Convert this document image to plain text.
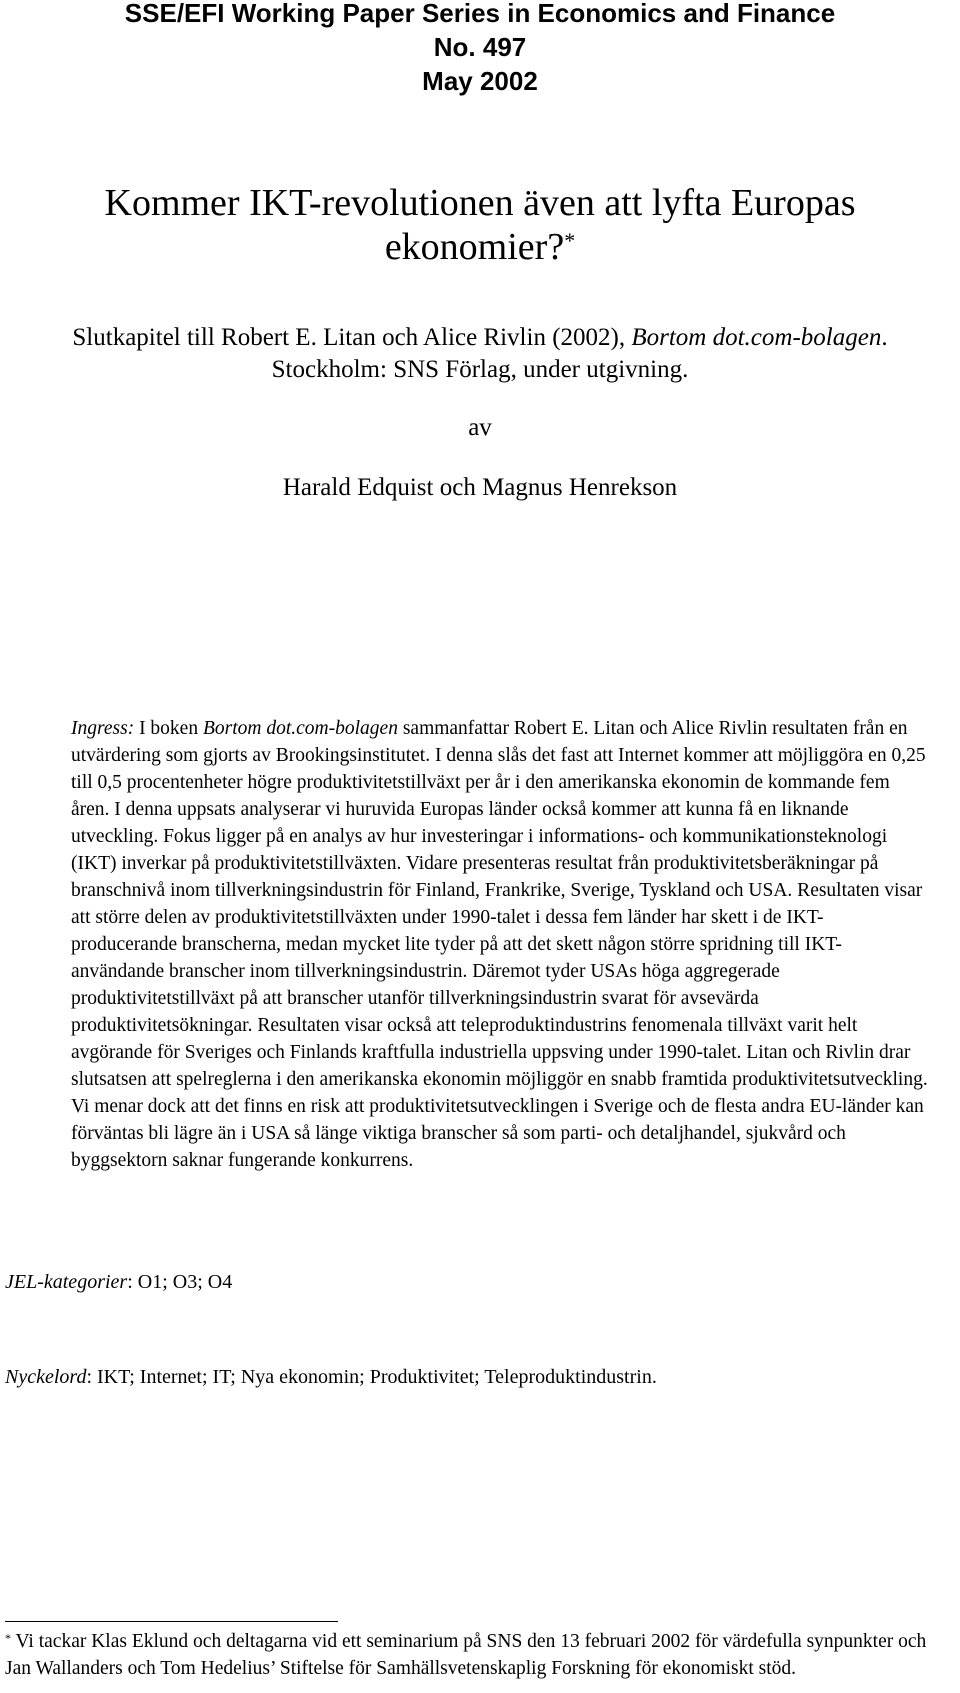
SSE/EFI Working Paper Series in Economics and Finance
No. 497
May 2002
Kommer IKT-revolutionen även att lyfta Europas
ekonomier?*
Slutkapitel till Robert E. Litan och Alice Rivlin (2002), Bortom dot.com-bolagen.
Stockholm: SNS Förlag, under utgivning.
av
Harald Edquist och Magnus Henrekson
Ingress: I boken Bortom dot.com-bolagen sammanfattar Robert E. Litan och Alice Rivlin resultaten från en utvärdering som gjorts av Brookingsinstitutet. I denna slås det fast att Internet kommer att möjliggöra en 0,25 till 0,5 procentenheter högre produktivitetstillväxt per år i den amerikanska ekonomin de kommande fem åren. I denna uppsats analyserar vi huruvida Europas länder också kommer att kunna få en liknande utveckling. Fokus ligger på en analys av hur investeringar i informations- och kommunikationsteknologi (IKT) inverkar på produktivitetstillväxten. Vidare presenteras resultat från produktivitetsberäkningar på branschnivå inom tillverkningsindustrin för Finland, Frankrike, Sverige, Tyskland och USA. Resultaten visar att större delen av produktivitetstillväxten under 1990-talet i dessa fem länder har skett i de IKT-producerande branscherna, medan mycket lite tyder på att det skett någon större spridning till IKT-användande branscher inom tillverkningsindustrin. Däremot tyder USAs höga aggregerade produktivitetstillväxt på att branscher utanför tillverkningsindustrin svarat för avsevärda produktivitetsökningar. Resultaten visar också att teleproduktindustrins fenomenala tillväxt varit helt avgörande för Sveriges och Finlands kraftfulla industriella uppsving under 1990-talet. Litan och Rivlin drar slutsatsen att spelreglerna i den amerikanska ekonomin möjliggör en snabb framtida produktivitetsutveckling. Vi menar dock att det finns en risk att produktivitetsutvecklingen i Sverige och de flesta andra EU-länder kan förväntas bli lägre än i USA så länge viktiga branscher så som parti- och detaljhandel, sjukvård och byggsektorn saknar fungerande konkurrens.
JEL-kategorier: O1; O3; O4
Nyckelord: IKT; Internet; IT; Nya ekonomin; Produktivitet; Teleproduktindustrin.
* Vi tackar Klas Eklund och deltagarna vid ett seminarium på SNS den 13 februari 2002 för värdefulla synpunkter och Jan Wallanders och Tom Hedelius’ Stiftelse för Samhällsvetenskaplig Forskning för ekonomiskt stöd.
